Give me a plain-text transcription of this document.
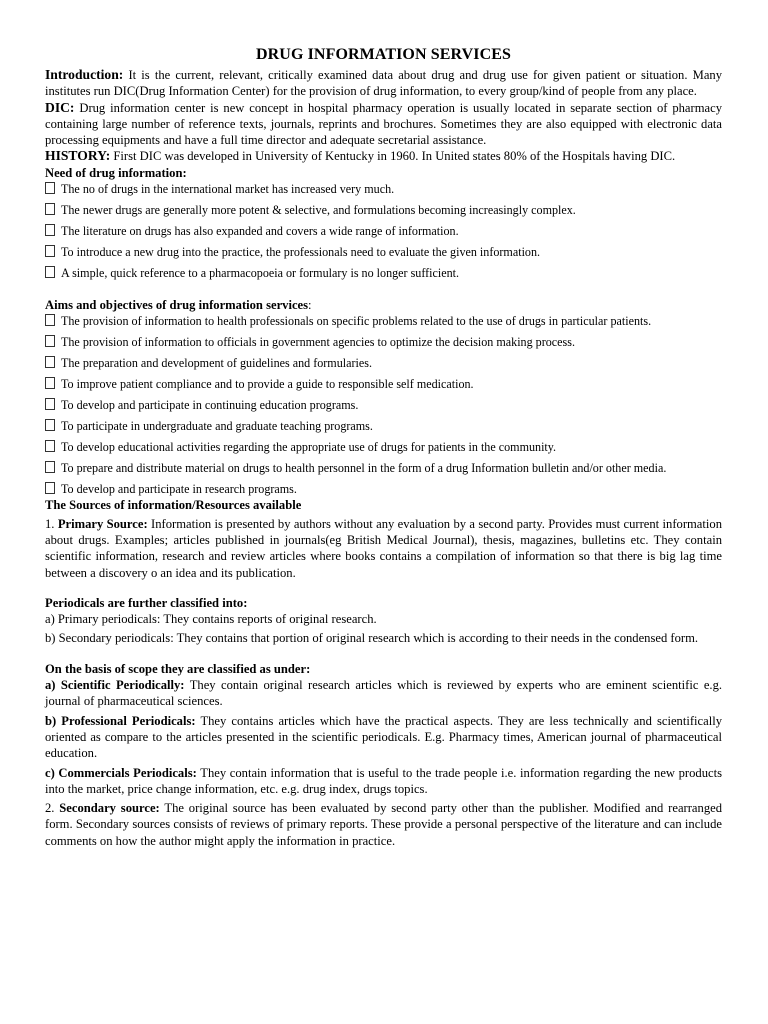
DRUG INFORMATION SERVICES

Introduction: It is the current, relevant, critically examined data about drug and drug use for given patient or situation. Many institutes run DIC(Drug Information Center) for the provision of drug information, to every group/kind of people from any place.

DIC: Drug information center is new concept in hospital pharmacy operation is usually located in separate section of pharmacy containing large number of reference texts, journals, reprints and brochures. Sometimes they are also equipped with electronic data processing equipments and have a full time director and adequate secretarial assistance.

HISTORY: First DIC was developed in University of Kentucky in 1960. In United states 80% of the Hospitals having DIC.

Need of drug information:

The no of drugs in the international market has increased very much.

The newer drugs are generally more potent & selective, and formulations becoming increasingly complex.

The literature on drugs has also expanded and covers a wide range of information.

To introduce a new drug into the practice, the professionals need to evaluate the given information.

A simple, quick reference to a pharmacopoeia or formulary is no longer sufficient.

Aims and objectives of drug information services:

The provision of information to health professionals on specific problems related to the use of drugs in particular patients.

The provision of information to officials in government agencies to optimize the decision making process.

The preparation and development of guidelines and formularies.

To improve patient compliance and to provide a guide to responsible self medication.

To develop and participate in continuing education programs.

To participate in undergraduate and graduate teaching programs.

To develop educational activities regarding the appropriate use of drugs for patients in the community.

To prepare and distribute material on drugs to health personnel in the form of a drug Information bulletin and/or other media.

To develop and participate in research programs.

The Sources of information/Resources available

1. Primary Source: Information is presented by authors without any evaluation by a second party. Provides must current information about drugs. Examples; articles published in journals(eg British Medical Journal), thesis, magazines, bulletins etc. They contain scientific information, research and review articles where books contains a compilation of information so that there is big lag time between a discovery o an idea and its publication.

Periodicals are further classified into:

a) Primary periodicals: They contains reports of original research.

b) Secondary periodicals: They contains that portion of original research which is according to their needs in the condensed form.

On the basis of scope they are classified as under:

a) Scientific Periodically: They contain original research articles which is reviewed by experts who are eminent scientific e.g. journal of pharmaceutical sciences.

b) Professional Periodicals: They contains articles which have the practical aspects. They are less technically and scientifically oriented as compare to the articles presented in the scientific periodicals. E.g. Pharmacy times, American journal of pharmaceutical education.

c) Commercials Periodicals: They contain information that is useful to the trade people i.e. information regarding the new products into the market, price change information, etc. e.g. drug index, drugs topics.

2. Secondary source: The original source has been evaluated by second party other than the publisher. Modified and rearranged form. Secondary sources consists of reviews of primary reports. These provide a personal perspective of the literature and can include comments on how the author might apply the information in practice.
